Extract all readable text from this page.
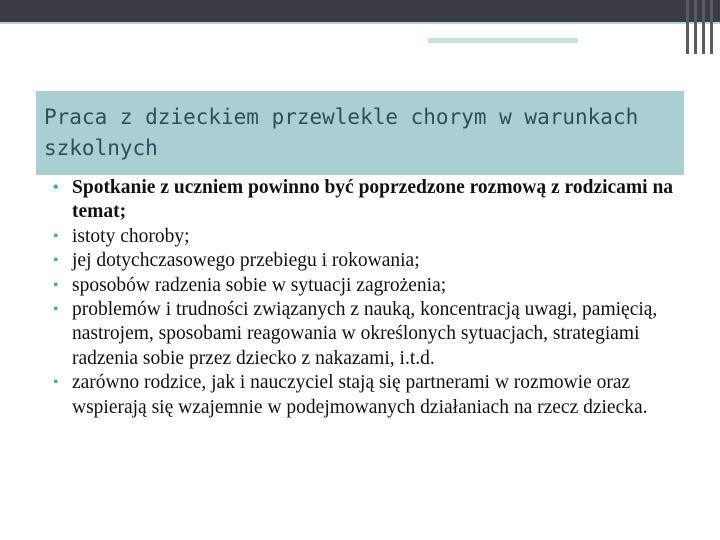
Praca z dzieckiem przewlekle chorym w warunkach szkolnych
• Spotkanie z uczniem powinno być poprzedzone rozmową z rodzicami na temat;
• istoty choroby;
• jej dotychczasowego przebiegu i rokowania;
• sposobów radzenia sobie w sytuacji zagrożenia;
• problemów i trudności związanych z nauką, koncentracją uwagi, pamięcią, nastrojem, sposobami reagowania w określonych sytuacjach, strategiami radzenia sobie przez dziecko z nakazami, i.t.d.
• zarówno rodzice, jak i nauczyciel stają się partnerami w rozmowie oraz wspierają się wzajemnie w podejmowanych działaniach na rzecz dziecka.
